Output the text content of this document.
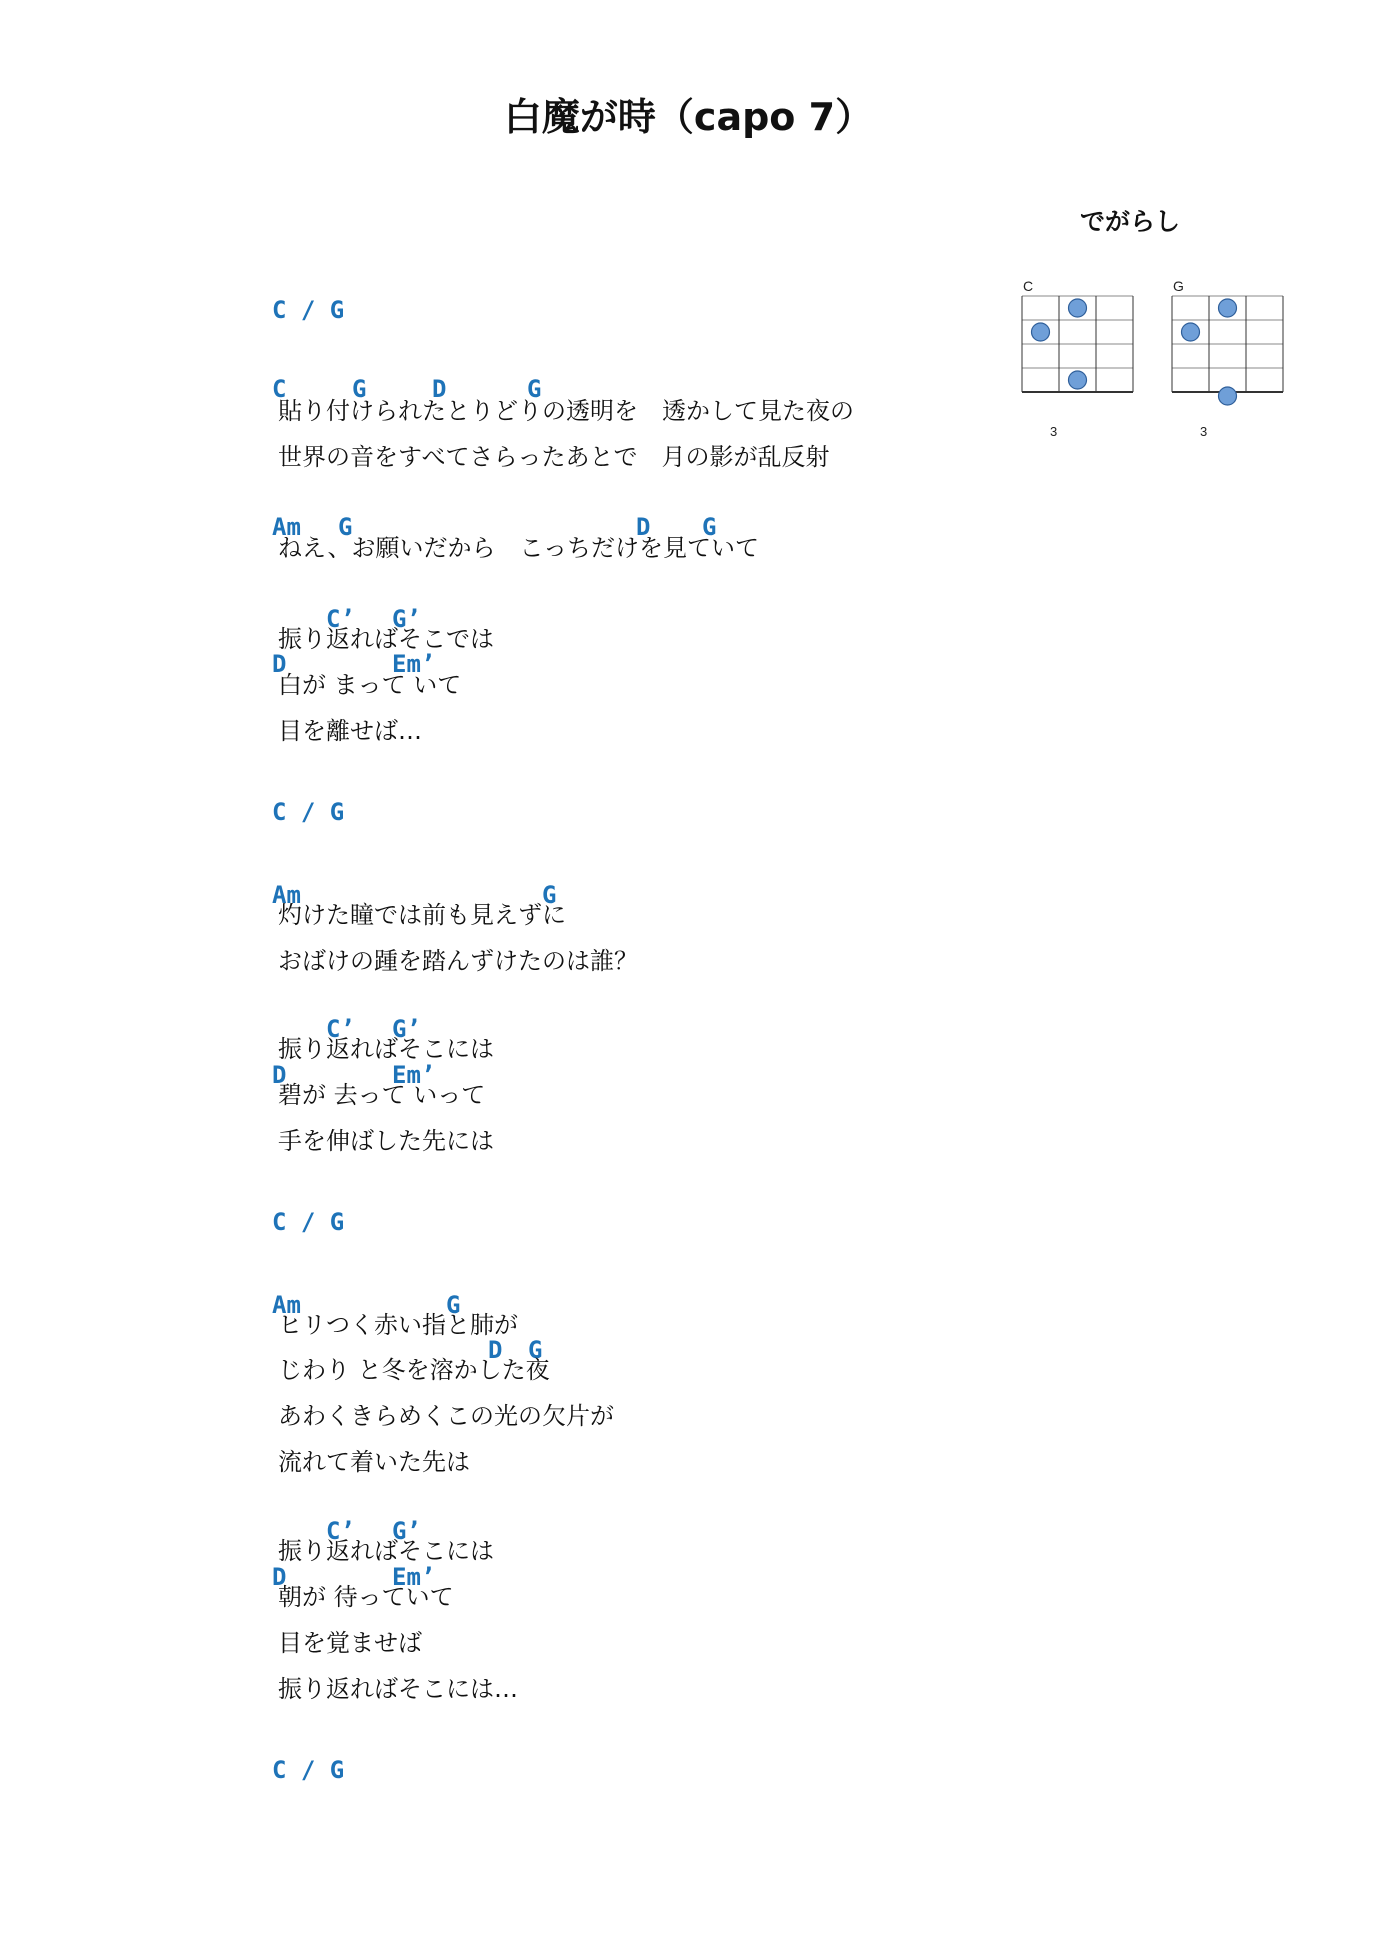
白魔が時（capo 7）
でがらし
C
3
G
3
C / G
C	G	D	G
貼り付けられたとりどりの透明を　透かして見た夜の
世界の音をすべてさらったあとで　月の影が乱反射
Am G	D G
ねえ、お願いだから　こっちだけを見ていて
C’ G’
振り返ればそこでは
D	Em’
白が まって いて
目を離せば…
C / G
Am	G
灼けた瞳では前も見えずに
おばけの踵を踏んずけたのは誰？
C’ G’
振り返ればそこには
D	Em’
碧が 去って いって
手を伸ばした先には
C / G
Am	G
ヒリつく赤い指と肺が
D G
じわり と冬を溶かした夜
あわくきらめくこの光の欠片が
流れて着いた先は
C’ G’
振り返ればそこには
D	Em’
朝が 待っていて
目を覚ませば
振り返ればそこには…
C / G
